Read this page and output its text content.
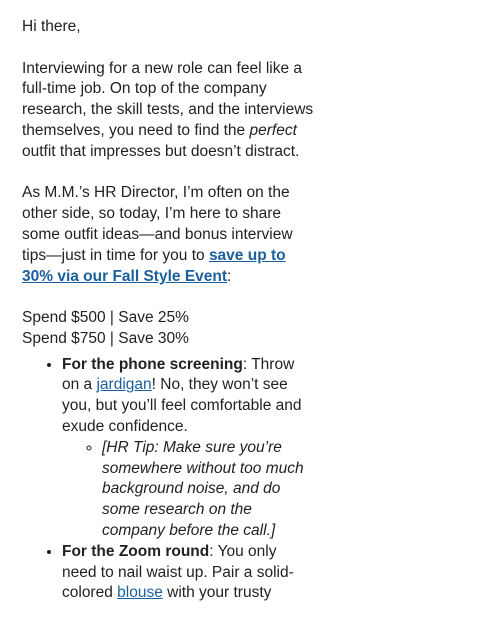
Hi there,

Interviewing for a new role can feel like a full-time job. On top of the company research, the skill tests, and the interviews themselves, you need to find the perfect outfit that impresses but doesn’t distract.

As M.M.’s HR Director, I’m often on the other side, so today, I’m here to share some outfit ideas—and bonus interview tips—just in time for you to save up to 30% via our Fall Style Event:

Spend $500 | Save 25%
Spend $750 | Save 30%

• For the phone screening: Throw on a jardigan! No, they won’t see you, but you’ll feel comfortable and exude confidence.
◦ [HR Tip: Make sure you’re somewhere without too much background noise, and do some research on the company before the call.]
• For the Zoom round: You only need to nail waist up. Pair a solid-colored blouse with your trusty
